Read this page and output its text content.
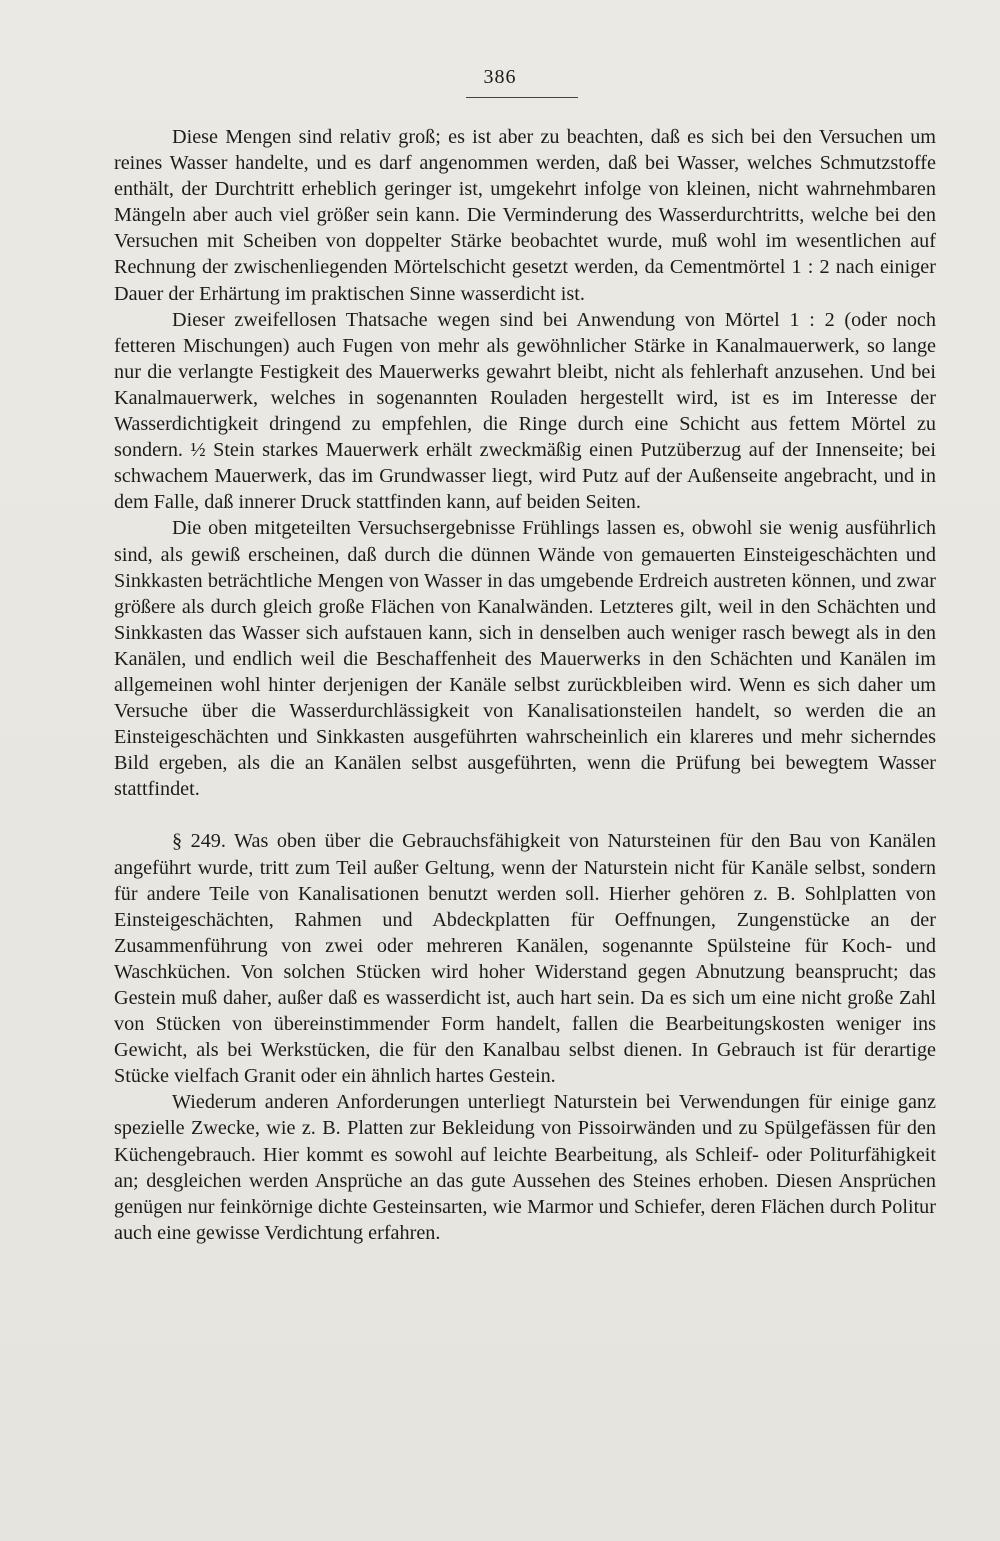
386

Diese Mengen sind relativ groß; es ist aber zu beachten, daß es sich bei den Versuchen um reines Wasser handelte, und es darf angenommen werden, daß bei Wasser, welches Schmutzstoffe enthält, der Durchtritt erheblich geringer ist, umgekehrt infolge von kleinen, nicht wahrnehmbaren Mängeln aber auch viel größer sein kann. Die Verminderung des Wasserdurchtritts, welche bei den Versuchen mit Scheiben von doppelter Stärke beobachtet wurde, muß wohl im wesentlichen auf Rechnung der zwischenliegenden Mörtelschicht gesetzt werden, da Cementmörtel 1 : 2 nach einiger Dauer der Erhärtung im praktischen Sinne wasserdicht ist.

Dieser zweifellosen Thatsache wegen sind bei Anwendung von Mörtel 1 : 2 (oder noch fetteren Mischungen) auch Fugen von mehr als gewöhnlicher Stärke in Kanalmauerwerk, so lange nur die verlangte Festigkeit des Mauerwerks gewahrt bleibt, nicht als fehlerhaft anzusehen. Und bei Kanalmauerwerk, welches in sogenannten Rouladen hergestellt wird, ist es im Interesse der Wasserdichtigkeit dringend zu empfehlen, die Ringe durch eine Schicht aus fettem Mörtel zu sondern. ½ Stein starkes Mauerwerk erhält zweckmäßig einen Putzüberzug auf der Innenseite; bei schwachem Mauerwerk, das im Grundwasser liegt, wird Putz auf der Außenseite angebracht, und in dem Falle, daß innerer Druck stattfinden kann, auf beiden Seiten.

Die oben mitgeteilten Versuchsergebnisse Frühlings lassen es, obwohl sie wenig ausführlich sind, als gewiß erscheinen, daß durch die dünnen Wände von gemauerten Einsteigeschächten und Sinkkasten beträchtliche Mengen von Wasser in das umgebende Erdreich austreten können, und zwar größere als durch gleich große Flächen von Kanalwänden. Letzteres gilt, weil in den Schächten und Sinkkasten das Wasser sich aufstauen kann, sich in denselben auch weniger rasch bewegt als in den Kanälen, und endlich weil die Beschaffenheit des Mauerwerks in den Schächten und Kanälen im allgemeinen wohl hinter derjenigen der Kanäle selbst zurückbleiben wird. Wenn es sich daher um Versuche über die Wasserdurchlässigkeit von Kanalisationsteilen handelt, so werden die an Einsteigeschächten und Sinkkasten ausgeführten wahrscheinlich ein klareres und mehr sicherndes Bild ergeben, als die an Kanälen selbst ausgeführten, wenn die Prüfung bei bewegtem Wasser stattfindet.

§ 249. Was oben über die Gebrauchsfähigkeit von Natursteinen für den Bau von Kanälen angeführt wurde, tritt zum Teil außer Geltung, wenn der Naturstein nicht für Kanäle selbst, sondern für andere Teile von Kanalisationen benutzt werden soll. Hierher gehören z. B. Sohlplatten von Einsteigeschächten, Rahmen und Abdeckplatten für Oeffnungen, Zungenstücke an der Zusammenführung von zwei oder mehreren Kanälen, sogenannte Spülsteine für Koch- und Waschküchen. Von solchen Stücken wird hoher Widerstand gegen Abnutzung beansprucht; das Gestein muß daher, außer daß es wasserdicht ist, auch hart sein. Da es sich um eine nicht große Zahl von Stücken von übereinstimmender Form handelt, fallen die Bearbeitungskosten weniger ins Gewicht, als bei Werkstücken, die für den Kanalbau selbst dienen. In Gebrauch ist für derartige Stücke vielfach Granit oder ein ähnlich hartes Gestein.

Wiederum anderen Anforderungen unterliegt Naturstein bei Verwendungen für einige ganz spezielle Zwecke, wie z. B. Platten zur Bekleidung von Pissoirwänden und zu Spülgefässen für den Küchengebrauch. Hier kommt es sowohl auf leichte Bearbeitung, als Schleif- oder Politurfähigkeit an; desgleichen werden Ansprüche an das gute Aussehen des Steines erhoben. Diesen Ansprüchen genügen nur feinkörnige dichte Gesteinsarten, wie Marmor und Schiefer, deren Flächen durch Politur auch eine gewisse Verdichtung erfahren.
